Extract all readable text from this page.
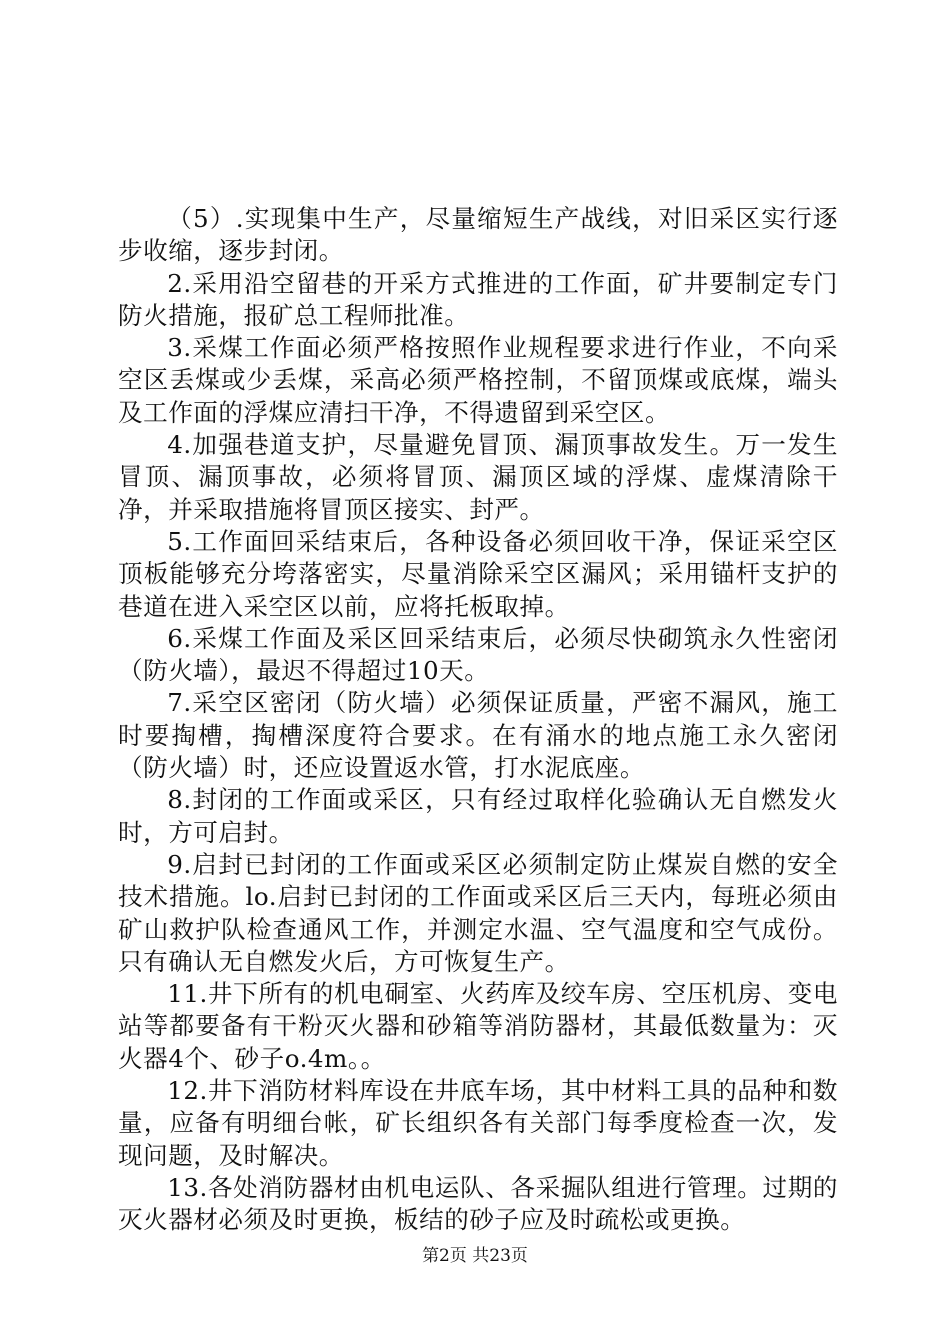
（5）.实现集中生产，尽量缩短生产战线，对旧采区实行逐步收缩，逐步封闭。

2.采用沿空留巷的开采方式推进的工作面，矿井要制定专门防火措施，报矿总工程师批准。

3.采煤工作面必须严格按照作业规程要求进行作业，不向采空区丢煤或少丢煤，采高必须严格控制，不留顶煤或底煤，端头及工作面的浮煤应清扫干净，不得遗留到采空区。

4.加强巷道支护，尽量避免冒顶、漏顶事故发生。万一发生冒顶、漏顶事故，必须将冒顶、漏顶区域的浮煤、虚煤清除干净，并采取措施将冒顶区接实、封严。

5.工作面回采结束后，各种设备必须回收干净，保证采空区顶板能够充分垮落密实，尽量消除采空区漏风；采用锚杆支护的巷道在进入采空区以前，应将托板取掉。

6.采煤工作面及采区回采结束后，必须尽快砌筑永久性密闭（防火墙），最迟不得超过10天。

7.采空区密闭（防火墙）必须保证质量，严密不漏风，施工时要掏槽，掏槽深度符合要求。在有涌水的地点施工永久密闭（防火墙）时，还应设置返水管，打水泥底座。

8.封闭的工作面或采区，只有经过取样化验确认无自燃发火时，方可启封。

9.启封已封闭的工作面或采区必须制定防止煤炭自燃的安全技术措施。lo.启封已封闭的工作面或采区后三天内，每班必须由矿山救护队检查通风工作，并测定水温、空气温度和空气成份。只有确认无自燃发火后，方可恢复生产。

11.井下所有的机电硐室、火药库及绞车房、空压机房、变电站等都要备有干粉灭火器和砂箱等消防器材，其最低数量为：灭火器4个、砂子o.4m。。

12.井下消防材料库设在井底车场，其中材料工具的品种和数量，应备有明细台帐，矿长组织各有关部门每季度检查一次，发现问题，及时解决。

13.各处消防器材由机电运队、各采掘队组进行管理。过期的灭火器材必须及时更换，板结的砂子应及时疏松或更换。

第2页 共23页
